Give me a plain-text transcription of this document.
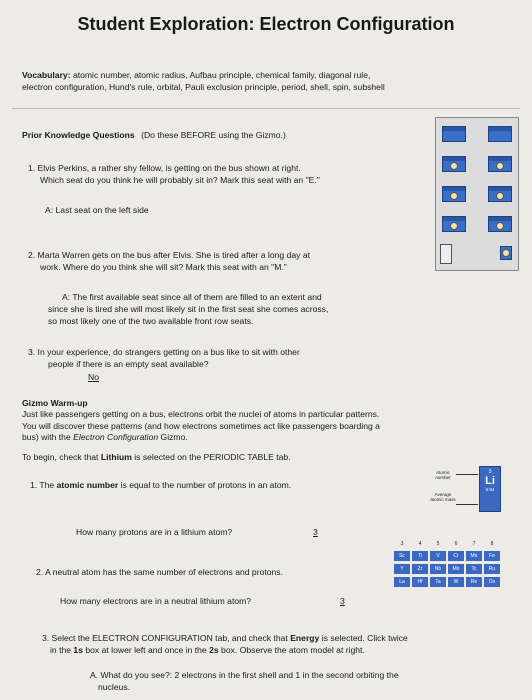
Student Exploration: Electron Configuration
Vocabulary: atomic number, atomic radius, Aufbau principle, chemical family, diagonal rule,
electron configuration, Hund's rule, orbital, Pauli exclusion principle, period, shell, spin, subshell
Prior Knowledge Questions (Do these BEFORE using the Gizmo.)
1. Elvis Perkins, a rather shy fellow, is getting on the bus shown at right.
Which seat do you think he will probably sit in? Mark this seat with an "E."
A: Last seat on the left side
2. Marta Warren gets on the bus after Elvis. She is tired after a long day at
work. Where do you think she will sit? Mark this seat with an "M."
A: The first available seat since all of them are filled to an extent and
since she is tired she will most likely sit in the first seat she comes across,
so most likely one of the two available front row seats.
3. In your experience, do strangers getting on a bus like to sit with other
people if there is an empty seat available?
No
Gizmo Warm-up
Just like passengers getting on a bus, electrons orbit the nuclei of atoms in particular patterns.
You will discover these patterns (and how electrons sometimes act like passengers boarding a
bus) with the Electron Configuration Gizmo.
To begin, check that Lithium is selected on the PERIODIC TABLE tab.
1. The atomic number is equal to the number of protons in an atom.
How many protons are in a lithium atom?	3
2. A neutral atom has the same number of electrons and protons.
How many electrons are in a neutral lithium atom?	3
3. Select the ELECTRON CONFIGURATION tab, and check that Energy is selected. Click twice
in the 1s box at lower left and once in the 2s box. Observe the atom model at right.
A. What do you see?: 2 electrons in the first shell and 1 in the second orbiting the
nucleus.
Atomic number
Average atomic mass
3
Li
6.94
3	4	5	6	7	8
Sc	Ti	V	Cr	Mn	Fe
Y	Zr	Nb	Mo	Tc	Ru
La	Hf	Ta	W	Re	Os
